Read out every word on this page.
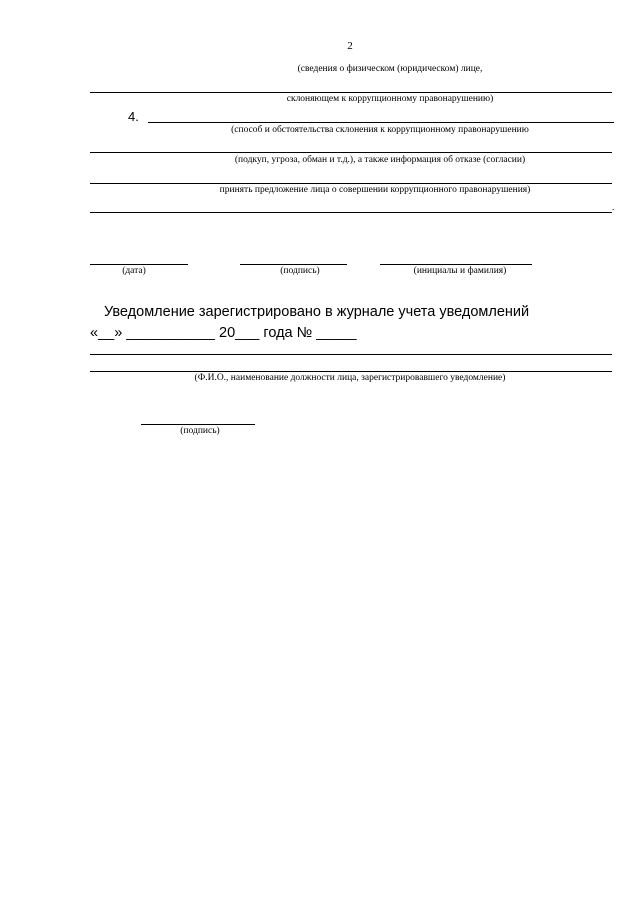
2
(сведения о физическом (юридическом) лице,
склоняющем к коррупционному правонарушению)
4.
(способ и обстоятельства склонения к коррупционному правонарушению
(подкуп, угроза, обман и т.д.), а также информация об отказе (согласии)
принять предложение лица о совершении коррупционного правонарушения)
.
(дата)	(подпись)	(инициалы и фамилия)
Уведомление зарегистрировано в журнале учета уведомлений
«__» ___________ 20___ года № _____
(Ф.И.О., наименование должности лица, зарегистрировавшего уведомление)
(подпись)
